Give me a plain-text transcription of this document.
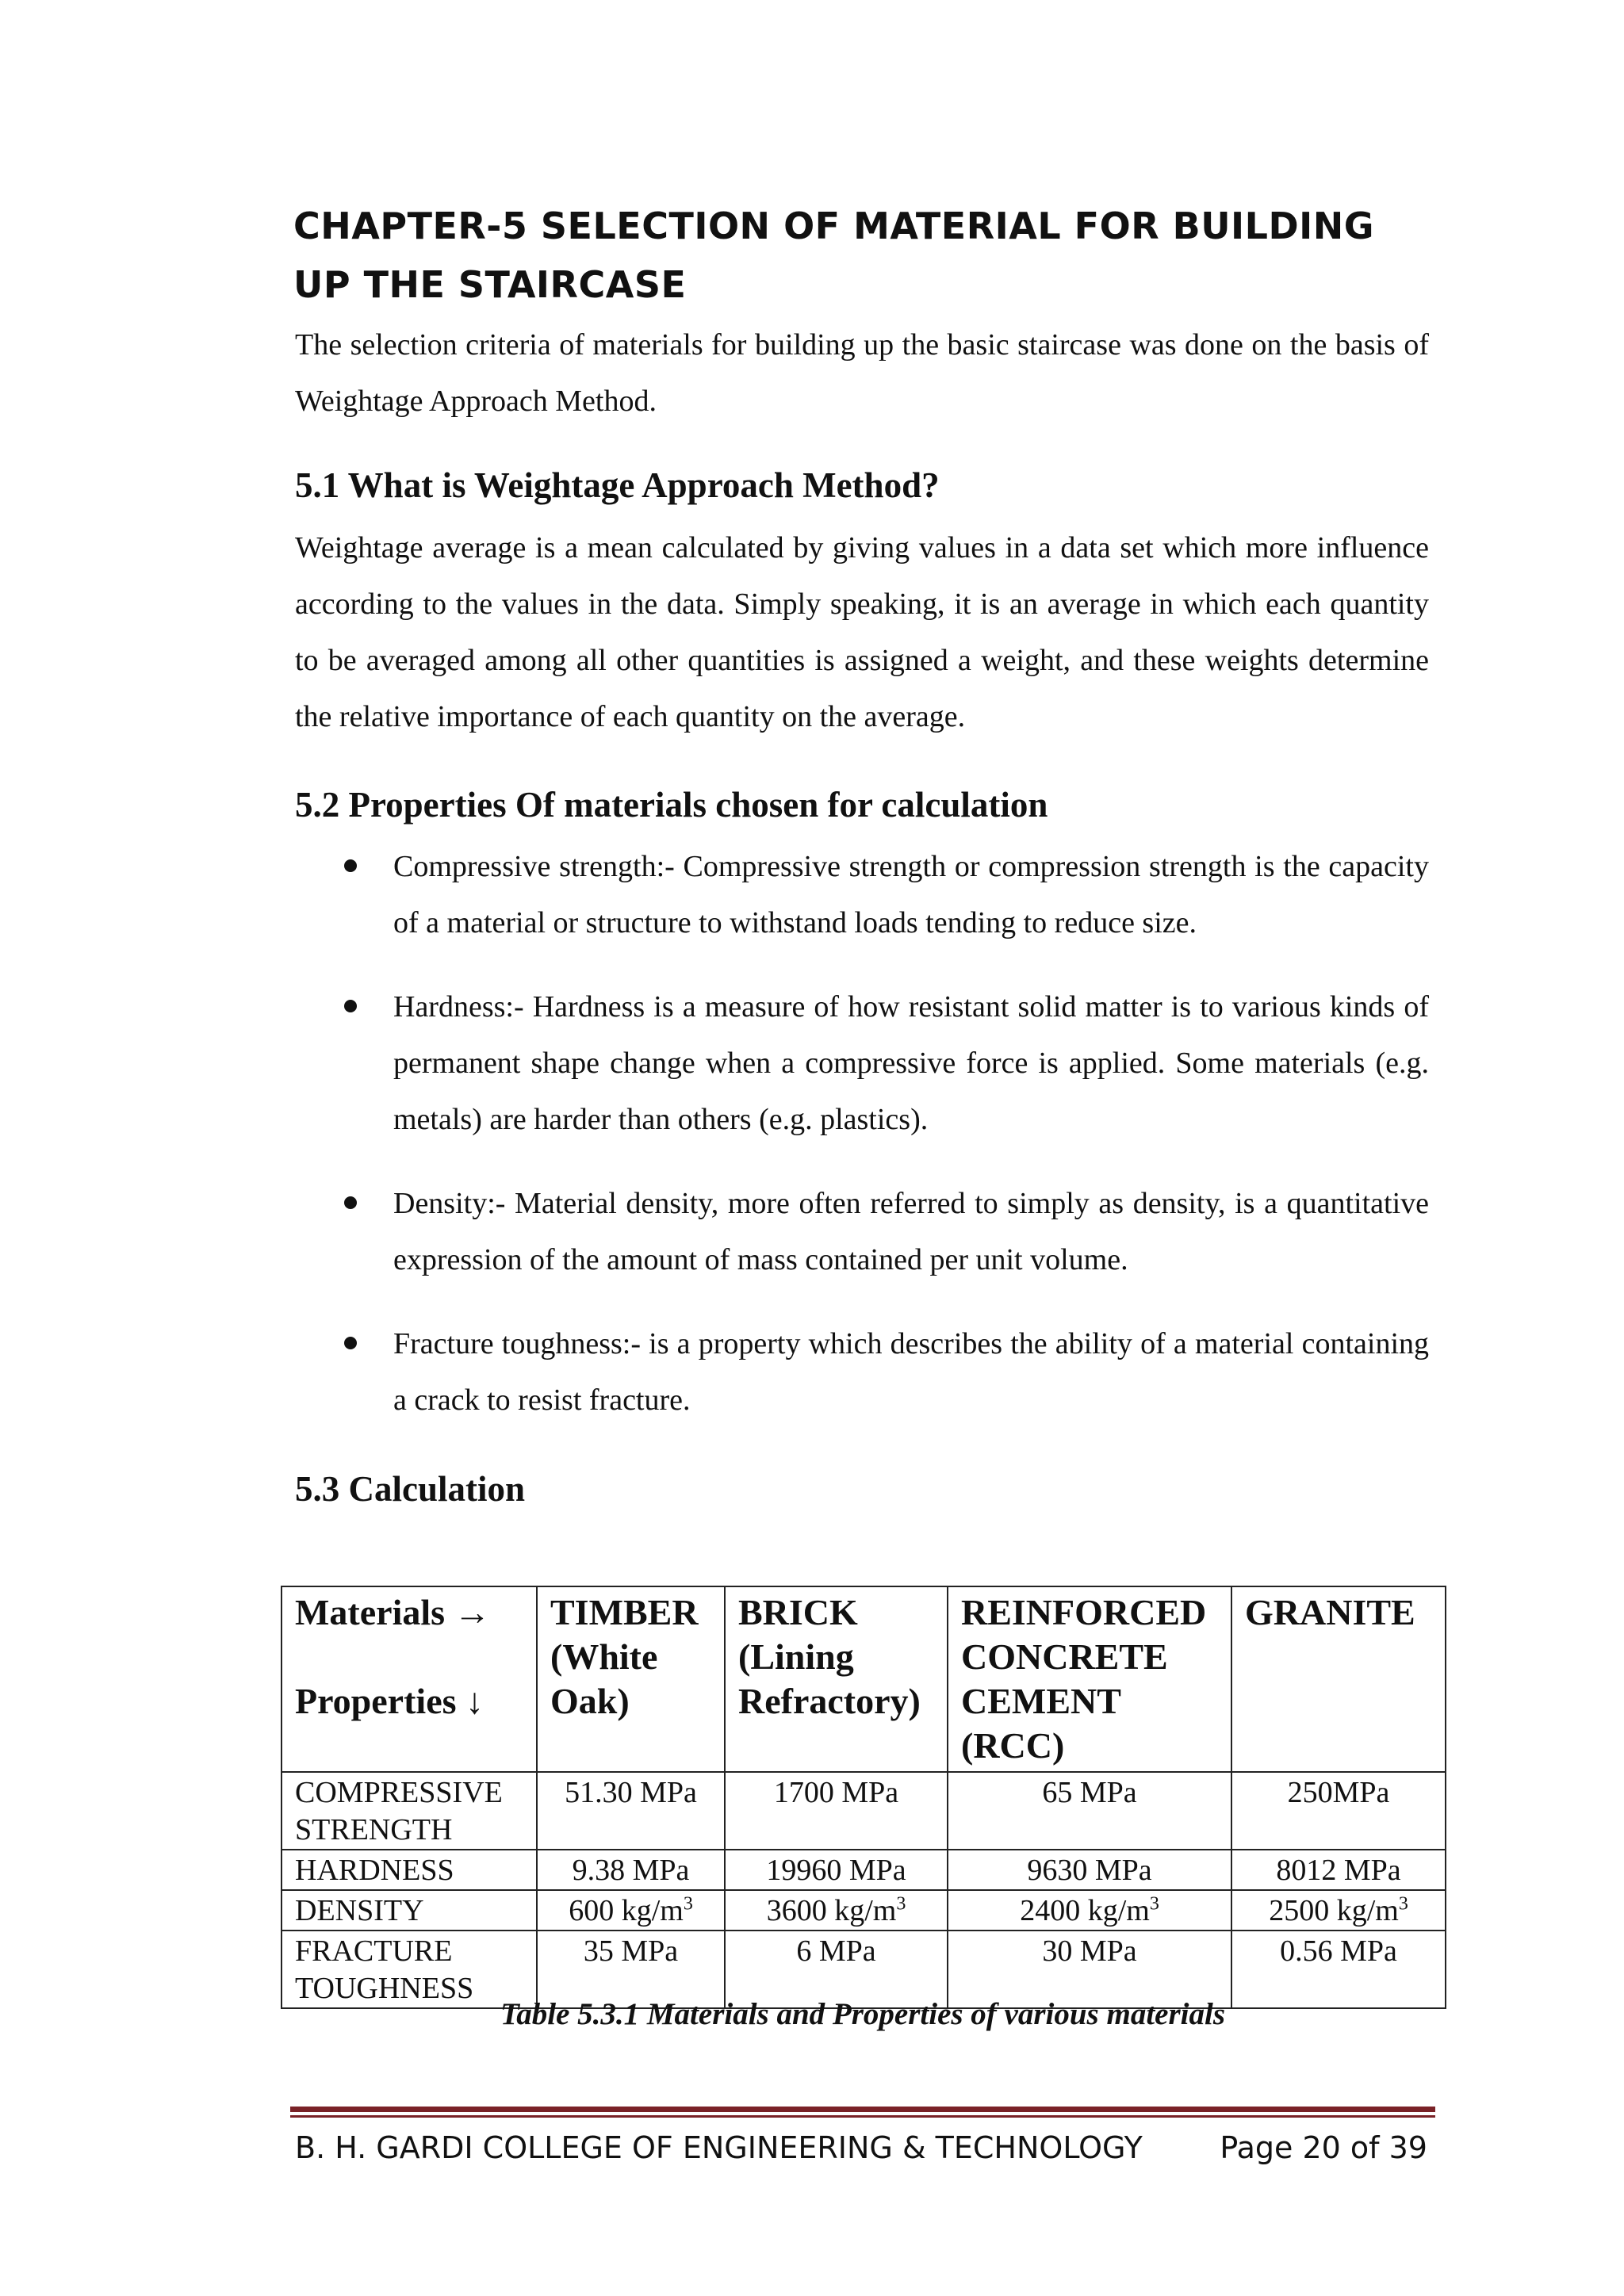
CHAPTER-5 SELECTION OF MATERIAL FOR BUILDING UP THE STAIRCASE

The selection criteria of materials for building up the basic staircase was done on the basis of Weightage Approach Method.

5.1 What is Weightage Approach Method?

Weightage average is a mean calculated by giving values in a data set which more influence according to the values in the data. Simply speaking, it is an average in which each quantity to be averaged among all other quantities is assigned a weight, and these weights determine the relative importance of each quantity on the average.

5.2 Properties Of materials chosen for calculation
Compressive strength:- Compressive strength or compression strength is the capacity of a material or structure to withstand loads tending to reduce size.
Hardness:- Hardness is a measure of how resistant solid matter is to various kinds of permanent shape change when a compressive force is applied. Some materials (e.g. metals) are harder than others (e.g. plastics).
Density:- Material density, more often referred to simply as density, is a quantitative expression of the amount of mass contained per unit volume.
Fracture toughness:- is a property which describes the ability of a material containing a crack to resist fracture.
5.3 Calculation
Materials →
Properties ↓	TIMBER (White Oak)	BRICK (Lining Refractory)	REINFORCED CONCRETE CEMENT (RCC)	GRANITE
COMPRESSIVE STRENGTH	51.30 MPa	1700 MPa	65 MPa	250MPa
HARDNESS	9.38 MPa	19960 MPa	9630 MPa	8012 MPa
DENSITY	600 $kg/m^3$	3600 $kg/m^3$	2400 $kg/m^3$	2500 $kg/m^3$
FRACTURE TOUGHNESS	35 MPa	6 MPa	30 MPa	0.56 MPa
Table 5.3.1 Materials and Properties of various materials
B. H. GARDI COLLEGE OF ENGINEERING & TECHNOLOGY	Page 20 of 39
